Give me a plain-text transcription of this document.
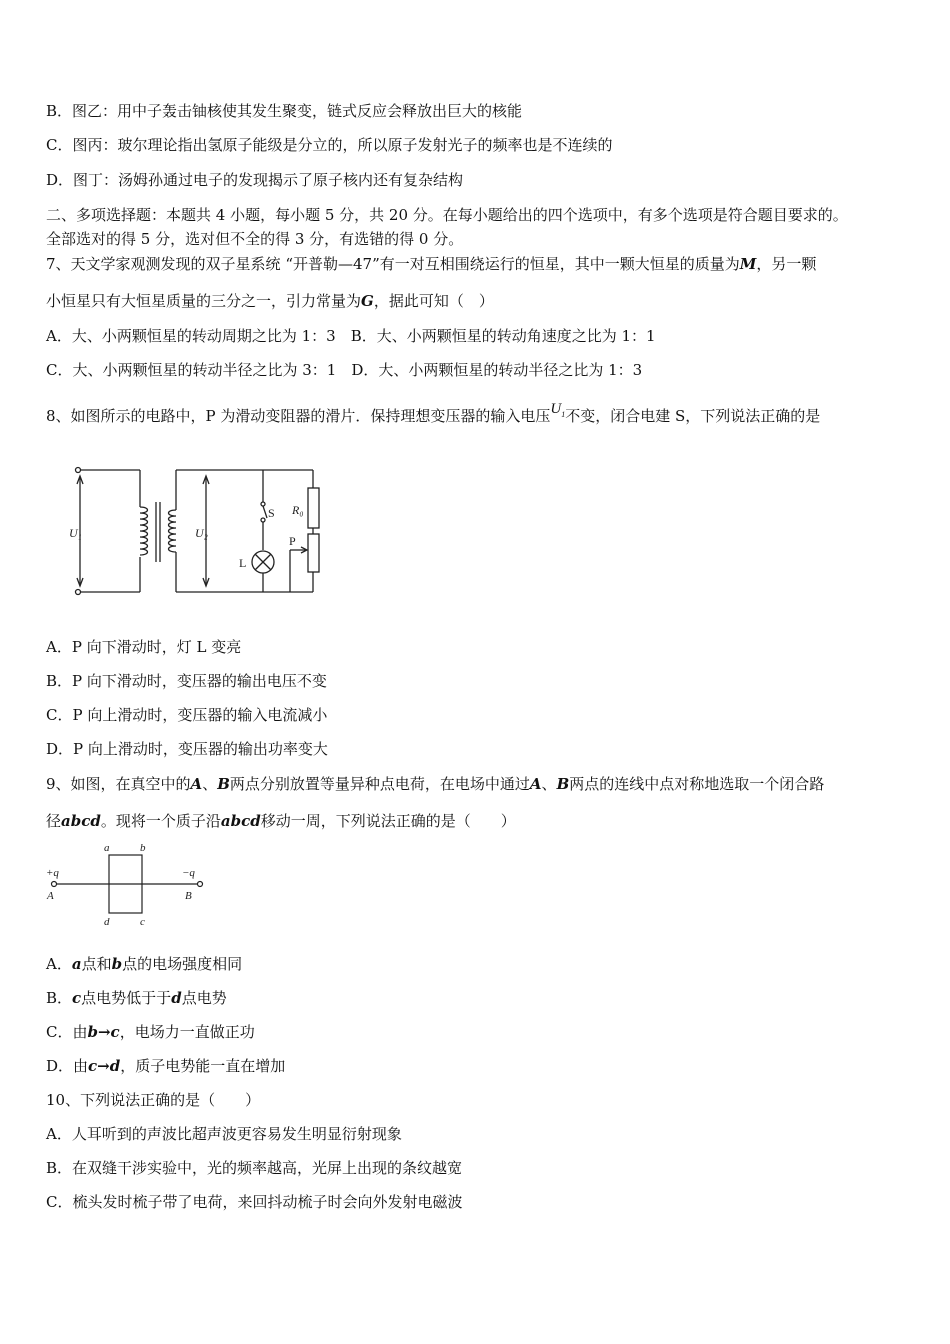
B．图乙：用中子轰击铀核使其发生聚变，链式反应会释放出巨大的核能
C．图丙：玻尔理论指出氢原子能级是分立的，所以原子发射光子的频率也是不连续的
D．图丁：汤姆孙通过电子的发现揭示了原子核内还有复杂结构
二、多项选择题：本题共 4 小题，每小题 5 分，共 20 分。在每小题给出的四个选项中，有多个选项是符合题目要求的。
全部选对的得 5 分，选对但不全的得 3 分，有选错的得 0 分。
7、天文学家观测发现的双子星系统 “开普勒—47”有一对互相围绕运行的恒星，其中一颗大恒星的质量为M，另一颗
小恒星只有大恒星质量的三分之一，引力常量为G，据此可知（　）
A．大、小两颗恒星的转动周期之比为 1：3　B．大、小两颗恒星的转动角速度之比为 1：1
C．大、小两颗恒星的转动半径之比为 3：1　D．大、小两颗恒星的转动半径之比为 1：3
8、如图所示的电路中，P 为滑动变阻器的滑片．保持理想变压器的输入电压$U_1$不变，闭合电建 S，下列说法正确的是
U₁	U₂
S R₀
P
L
A．P 向下滑动时，灯 L 变亮
B．P 向下滑动时，变压器的输出电压不变
C．P 向上滑动时，变压器的输入电流减小
D．P 向上滑动时，变压器的输出功率变大
9、如图，在真空中的A、B两点分别放置等量异种点电荷，在电场中通过A、B两点的连线中点对称地选取一个闭合路
径abcd。现将一个质子沿abcd移动一周，下列说法正确的是（　　）
+q
A
−q
B
a	b
c
d
A．a点和b点的电场强度相同
B．c点电势低于于d点电势
C．由b→c，电场力一直做正功
D．由c→d，质子电势能一直在增加
10、下列说法正确的是（　　）
A．人耳听到的声波比超声波更容易发生明显衍射现象
B．在双缝干涉实验中，光的频率越高，光屏上出现的条纹越宽
C．梳头发时梳子带了电荷，来回抖动梳子时会向外发射电磁波
